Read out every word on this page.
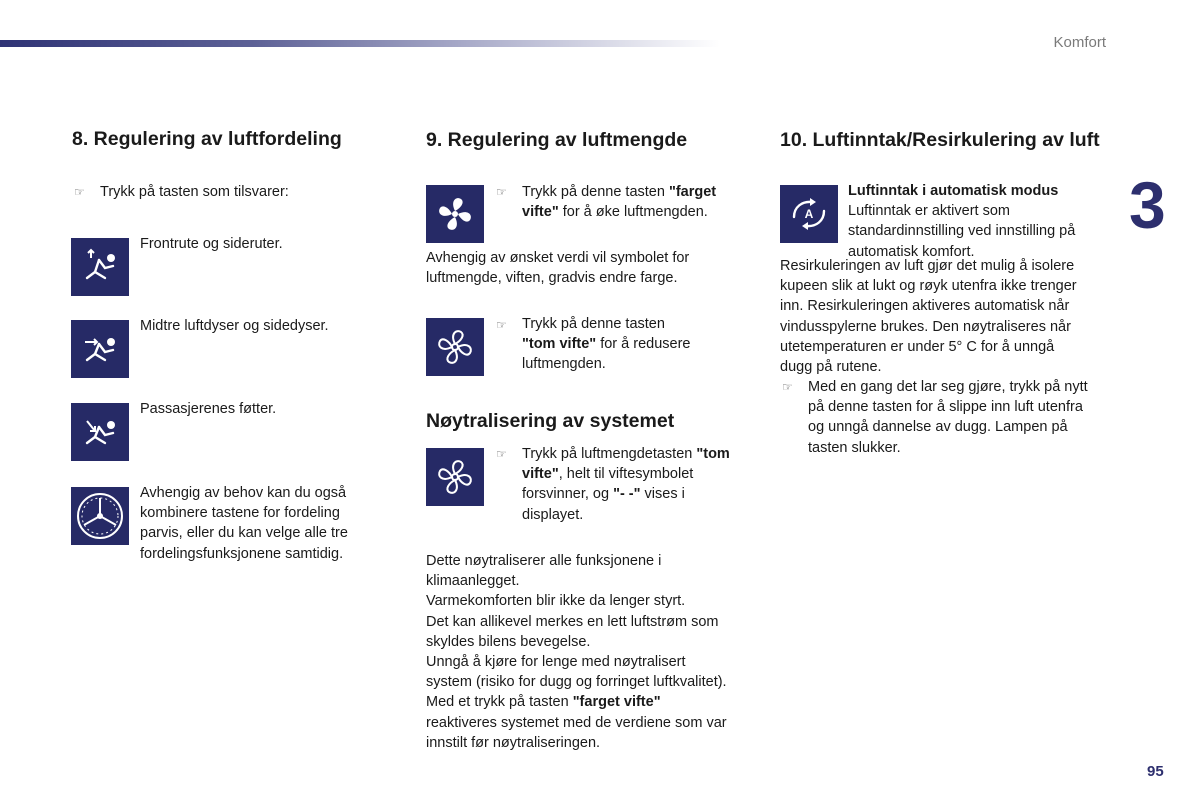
Komfort
3
95
8. Regulering av luftfordeling
☞ Trykk på tasten som tilsvarer:

Frontrute og sideruter.

Midtre luftdyser og sidedyser.

Passasjerenes føtter.

Avhengig av behov kan du også
kombinere tastene for fordeling
parvis, eller du kan velge alle tre
fordelingsfunksjonene samtidig.

9. Regulering av luftmengde
☞ Trykk på denne tasten "farget
vifte" for å øke luftmengden.

Avhengig av ønsket verdi vil symbolet for
luftmengde, viften, gradvis endre farge.

☞ Trykk på denne tasten
"tom vifte" for å redusere
luftmengden.

Nøytralisering av systemet
☞ Trykk på luftmengdetasten "tom
vifte", helt til viftesymbolet
forsvinner, og "- -" vises i
displayet.

Dette nøytraliserer alle funksjonene i
klimaanlegget.
Varmekomforten blir ikke da lenger styrt.
Det kan allikevel merkes en lett luftstrøm som
skyldes bilens bevegelse.
Unngå å kjøre for lenge med nøytralisert
system (risiko for dugg og forringet luftkvalitet).
Med et trykk på tasten "farget vifte"
reaktiveres systemet med de verdiene som var
innstilt før nøytraliseringen.

10. Luftinntak/Resirkulering av luft
A

Luftinntak i automatisk modus
Luftinntak er aktivert som
standardinnstilling ved innstilling på
automatisk komfort.

Resirkuleringen av luft gjør det mulig å isolere
kupeen slik at lukt og røyk utenfra ikke trenger
inn. Resirkuleringen aktiveres automatisk når
vindusspylerne brukes. Den nøytraliseres når
utetemperaturen er under 5° C for å unngå
dugg på rutene.

☞ Med en gang det lar seg gjøre, trykk på nytt
på denne tasten for å slippe inn luft utenfra
og unngå dannelse av dugg. Lampen på
tasten slukker.
